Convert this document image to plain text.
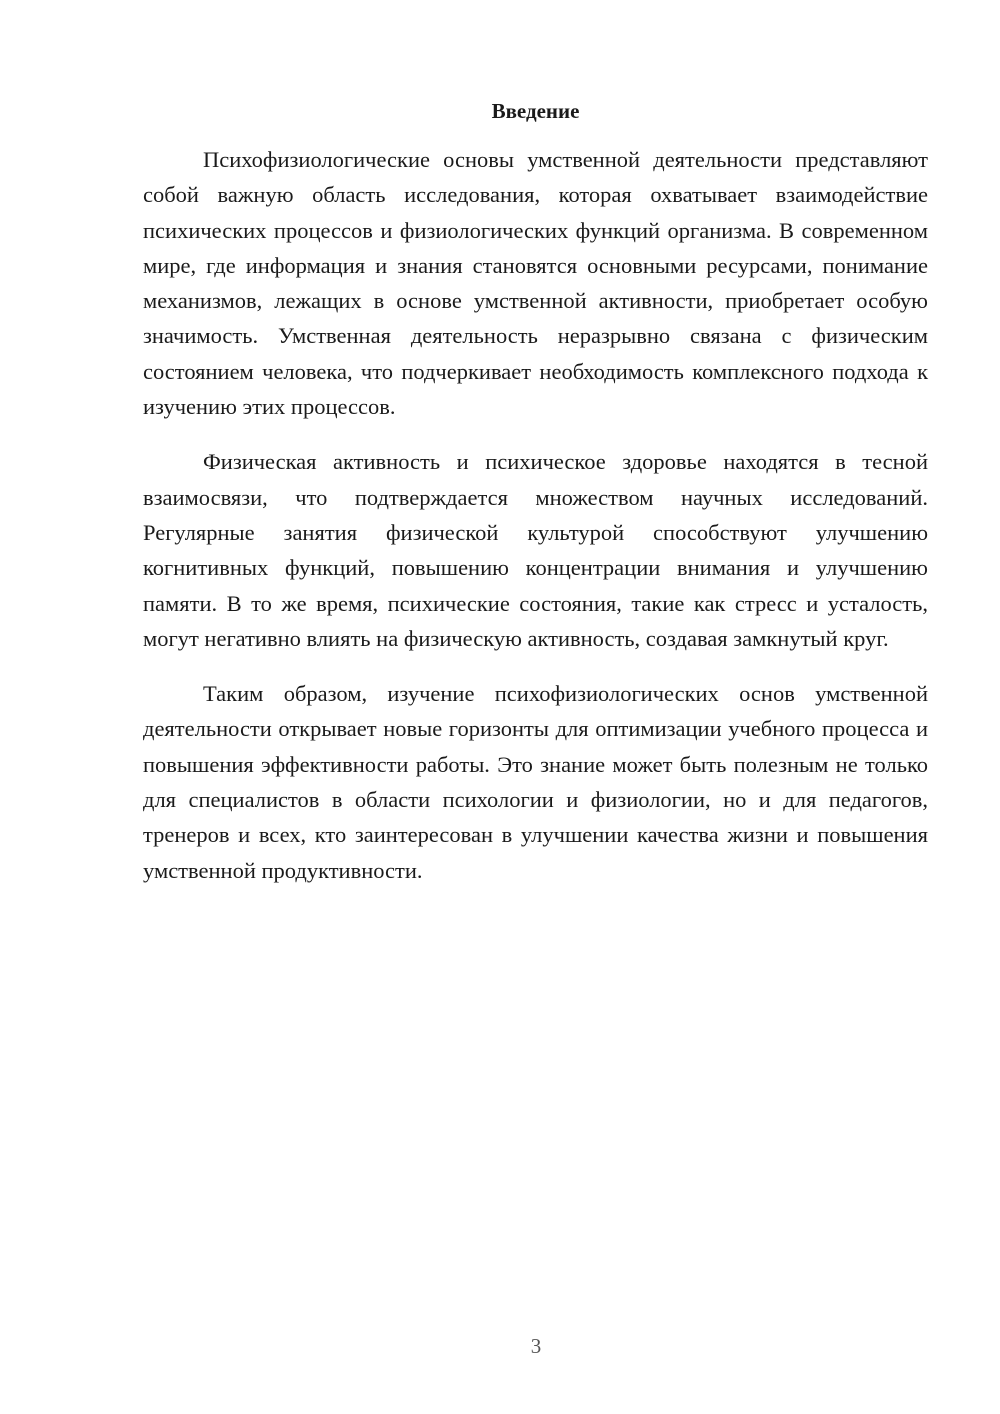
Введение

Психофизиологические основы умственной деятельности представляют собой важную область исследования, которая охватывает взаимодействие психических процессов и физиологических функций организма. В современном мире, где информация и знания становятся основными ресурсами, понимание механизмов, лежащих в основе умственной активности, приобретает особую значимость. Умственная деятельность неразрывно связана с физическим состоянием человека, что подчеркивает необходимость комплексного подхода к изучению этих процессов.

Физическая активность и психическое здоровье находятся в тесной взаимосвязи, что подтверждается множеством научных исследований. Регулярные занятия физической культурой способствуют улучшению когнитивных функций, повышению концентрации внимания и улучшению памяти. В то же время, психические состояния, такие как стресс и усталость, могут негативно влиять на физическую активность, создавая замкнутый круг.

Таким образом, изучение психофизиологических основ умственной деятельности открывает новые горизонты для оптимизации учебного процесса и повышения эффективности работы. Это знание может быть полезным не только для специалистов в области психологии и физиологии, но и для педагогов, тренеров и всех, кто заинтересован в улучшении качества жизни и повышения умственной продуктивности.

3
